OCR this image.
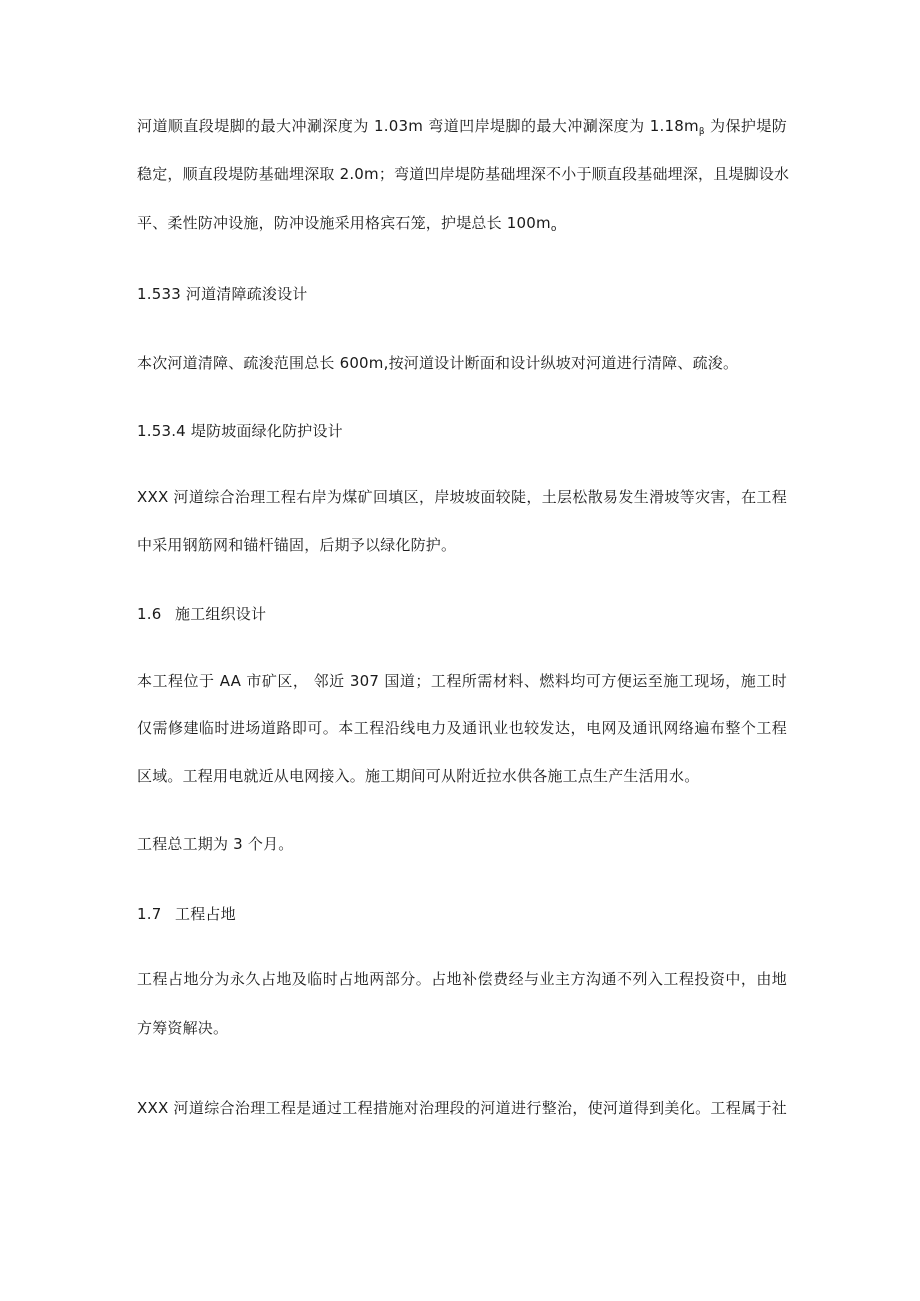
河道顺直段堤脚的最大冲涮深度为 1.03m 弯道凹岸堤脚的最大冲涮深度为 $1.18m_\beta$ 为保护堤防
稳定，顺直段堤防基础埋深取 2.0m；弯道凹岸堤防基础埋深不小于顺直段基础埋深，且堤脚设水
平、柔性防冲设施，防冲设施采用格宾石笼，护堤总长 $100m_o$
1.533 河道清障疏浚设计
本次河道清障、疏浚范围总长 600m,按河道设计断面和设计纵坡对河道进行清障、疏浚。
1.53.4 堤防坡面绿化防护设计
XXX 河道综合治理工程右岸为煤矿回填区，岸坡坡面较陡，土层松散易发生滑坡等灾害，在工程
中采用钢筋网和锚杆锚固，后期予以绿化防护。
1.6 施工组织设计
本工程位于 AA 市矿区， 邻近 307 国道；工程所需材料、燃料均可方便运至施工现场，施工时
仅需修建临时进场道路即可。本工程沿线电力及通讯业也较发达，电网及通讯网络遍布整个工程
区域。工程用电就近从电网接入。施工期间可从附近拉水供各施工点生产生活用水。
工程总工期为 3 个月。
1.7 工程占地
工程占地分为永久占地及临时占地两部分。占地补偿费经与业主方沟通不列入工程投资中，由地
方筹资解决。
XXX 河道综合治理工程是通过工程措施对治理段的河道进行整治，使河道得到美化。工程属于社
